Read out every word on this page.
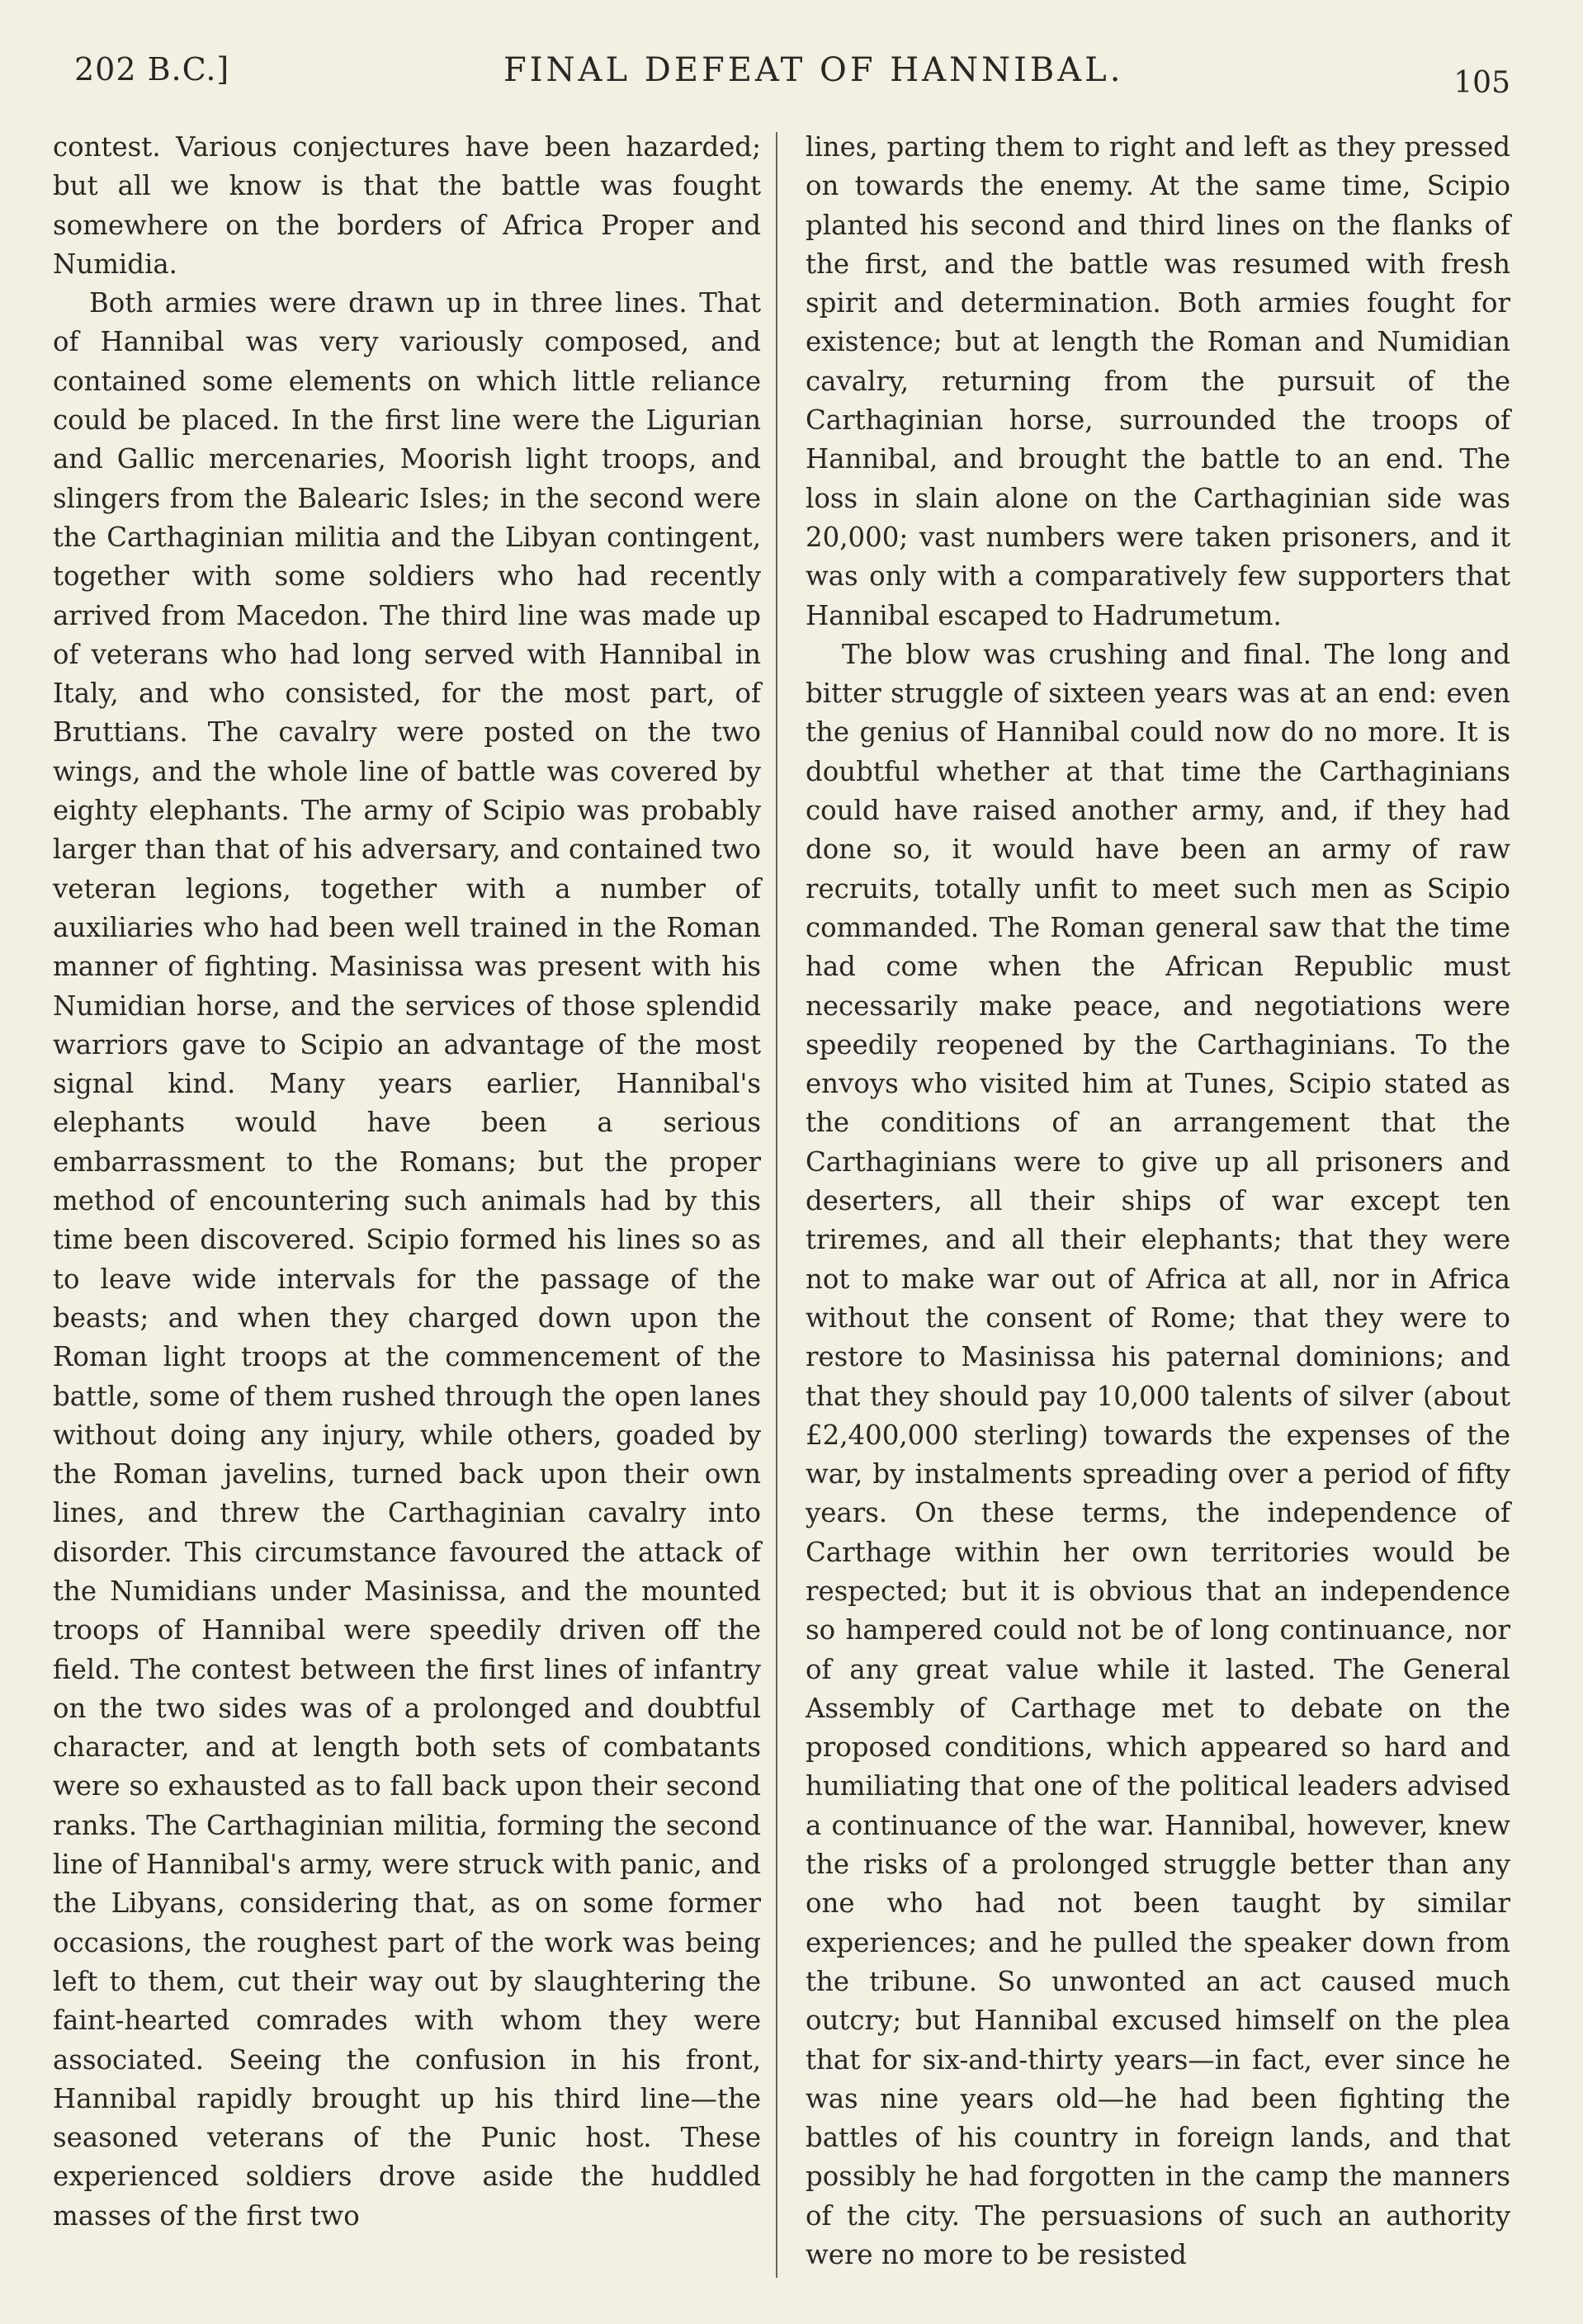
202 B.C.]	FINAL DEFEAT OF HANNIBAL.	105

contest. Various conjectures have been hazarded; but all we know is that the battle was fought somewhere on the borders of Africa Proper and Numidia.

Both armies were drawn up in three lines. That of Hannibal was very variously composed, and contained some elements on which little reliance could be placed. In the first line were the Ligurian and Gallic mercenaries, Moorish light troops, and slingers from the Balearic Isles; in the second were the Carthaginian militia and the Libyan contingent, together with some soldiers who had recently arrived from Macedon. The third line was made up of veterans who had long served with Hannibal in Italy, and who consisted, for the most part, of Bruttians. The cavalry were posted on the two wings, and the whole line of battle was covered by eighty elephants. The army of Scipio was probably larger than that of his adversary, and contained two veteran legions, together with a number of auxiliaries who had been well trained in the Roman manner of fighting. Masinissa was present with his Numidian horse, and the services of those splendid warriors gave to Scipio an advantage of the most signal kind. Many years earlier, Hannibal's elephants would have been a serious embarrassment to the Romans; but the proper method of encountering such animals had by this time been discovered. Scipio formed his lines so as to leave wide intervals for the passage of the beasts; and when they charged down upon the Roman light troops at the commencement of the battle, some of them rushed through the open lanes without doing any injury, while others, goaded by the Roman javelins, turned back upon their own lines, and threw the Carthaginian cavalry into disorder. This circumstance favoured the attack of the Numidians under Masinissa, and the mounted troops of Hannibal were speedily driven off the field. The contest between the first lines of infantry on the two sides was of a prolonged and doubtful character, and at length both sets of combatants were so exhausted as to fall back upon their second ranks. The Carthaginian militia, forming the second line of Hannibal's army, were struck with panic, and the Libyans, considering that, as on some former occasions, the roughest part of the work was being left to them, cut their way out by slaughtering the faint-hearted comrades with whom they were associated. Seeing the confusion in his front, Hannibal rapidly brought up his third line—the seasoned veterans of the Punic host. These experienced soldiers drove aside the huddled masses of the first two

lines, parting them to right and left as they pressed on towards the enemy. At the same time, Scipio planted his second and third lines on the flanks of the first, and the battle was resumed with fresh spirit and determination. Both armies fought for existence; but at length the Roman and Numidian cavalry, returning from the pursuit of the Carthaginian horse, surrounded the troops of Hannibal, and brought the battle to an end. The loss in slain alone on the Carthaginian side was 20,000; vast numbers were taken prisoners, and it was only with a comparatively few supporters that Hannibal escaped to Hadrumetum.

The blow was crushing and final. The long and bitter struggle of sixteen years was at an end: even the genius of Hannibal could now do no more. It is doubtful whether at that time the Carthaginians could have raised another army, and, if they had done so, it would have been an army of raw recruits, totally unfit to meet such men as Scipio commanded. The Roman general saw that the time had come when the African Republic must necessarily make peace, and negotiations were speedily reopened by the Carthaginians. To the envoys who visited him at Tunes, Scipio stated as the conditions of an arrangement that the Carthaginians were to give up all prisoners and deserters, all their ships of war except ten triremes, and all their elephants; that they were not to make war out of Africa at all, nor in Africa without the consent of Rome; that they were to restore to Masinissa his paternal dominions; and that they should pay 10,000 talents of silver (about £2,400,000 sterling) towards the expenses of the war, by instalments spreading over a period of fifty years. On these terms, the independence of Carthage within her own territories would be respected; but it is obvious that an independence so hampered could not be of long continuance, nor of any great value while it lasted. The General Assembly of Carthage met to debate on the proposed conditions, which appeared so hard and humiliating that one of the political leaders advised a continuance of the war. Hannibal, however, knew the risks of a prolonged struggle better than any one who had not been taught by similar experiences; and he pulled the speaker down from the tribune. So unwonted an act caused much outcry; but Hannibal excused himself on the plea that for six-and-thirty years—in fact, ever since he was nine years old—he had been fighting the battles of his country in foreign lands, and that possibly he had forgotten in the camp the manners of the city. The persuasions of such an authority were no more to be resisted
